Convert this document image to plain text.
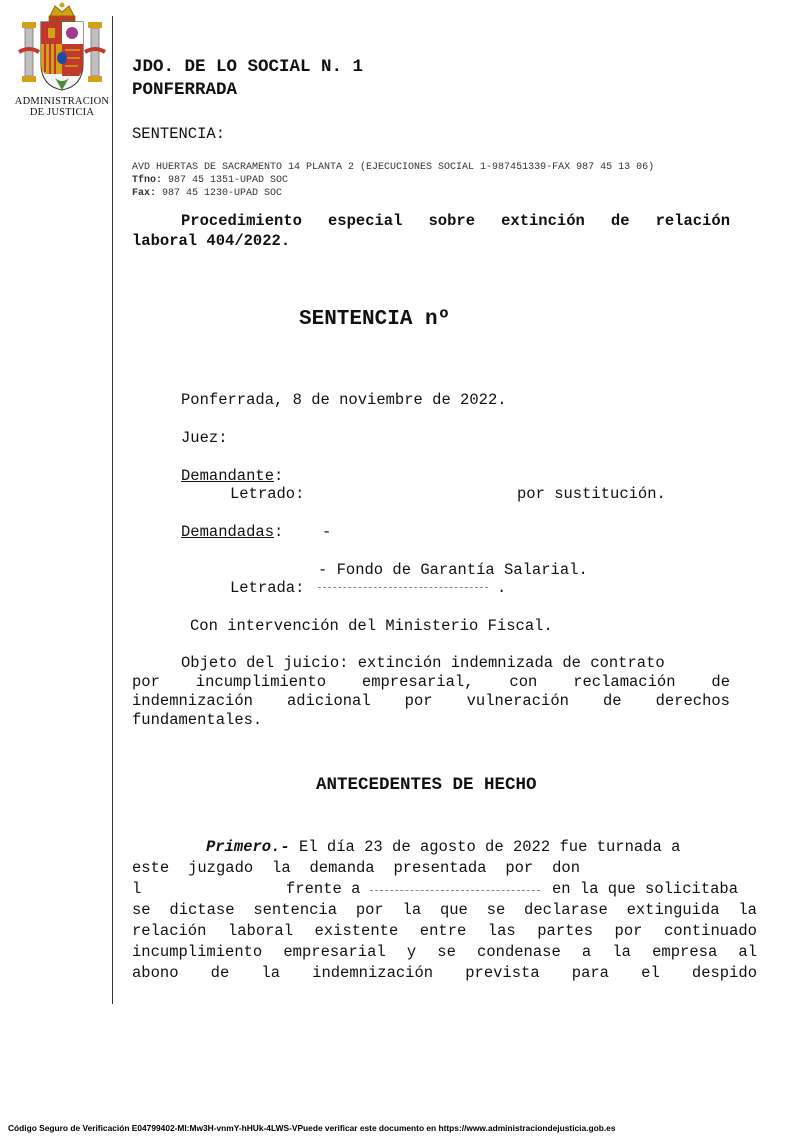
ADMINISTRACION
DE JUSTICIA
JDO. DE LO SOCIAL N. 1
PONFERRADA
SENTENCIA:
AVD HUERTAS DE SACRAMENTO 14 PLANTA 2 (EJECUCIONES SOCIAL 1-987451339-FAX 987 45 13 06)
Tfno: 987 45 1351-UPAD SOC
Fax: 987 45 1230-UPAD SOC
Procedimiento especial sobre extinción de relación
laboral 404/2022.
SENTENCIA nº
Ponferrada, 8 de noviembre de 2022.
Juez:
Demandante:
Letrado:	por sustitución.
Demandadas: -
- Fondo de Garantía Salarial.
Letrada:	.
Con intervención del Ministerio Fiscal.
Objeto del juicio: extinción indemnizada de contrato
por incumplimiento empresarial, con reclamación de
indemnización adicional por vulneración de derechos
fundamentales.
ANTECEDENTES DE HECHO
Primero.- El día 23 de agosto de 2022 fue turnada a
este juzgado la demanda presentada por don
l	frente a	en la que solicitaba
se dictase sentencia por la que se declarase extinguida la
relación laboral existente entre las partes por continuado
incumplimiento empresarial y se condenase a la empresa al
abono de la indemnización prevista para el despido
Código Seguro de Verificación E04799402-MI:Mw3H-vnmY-hHUk-4LWS-VPuede verificar este documento en https://www.administraciondejusticia.gob.es
